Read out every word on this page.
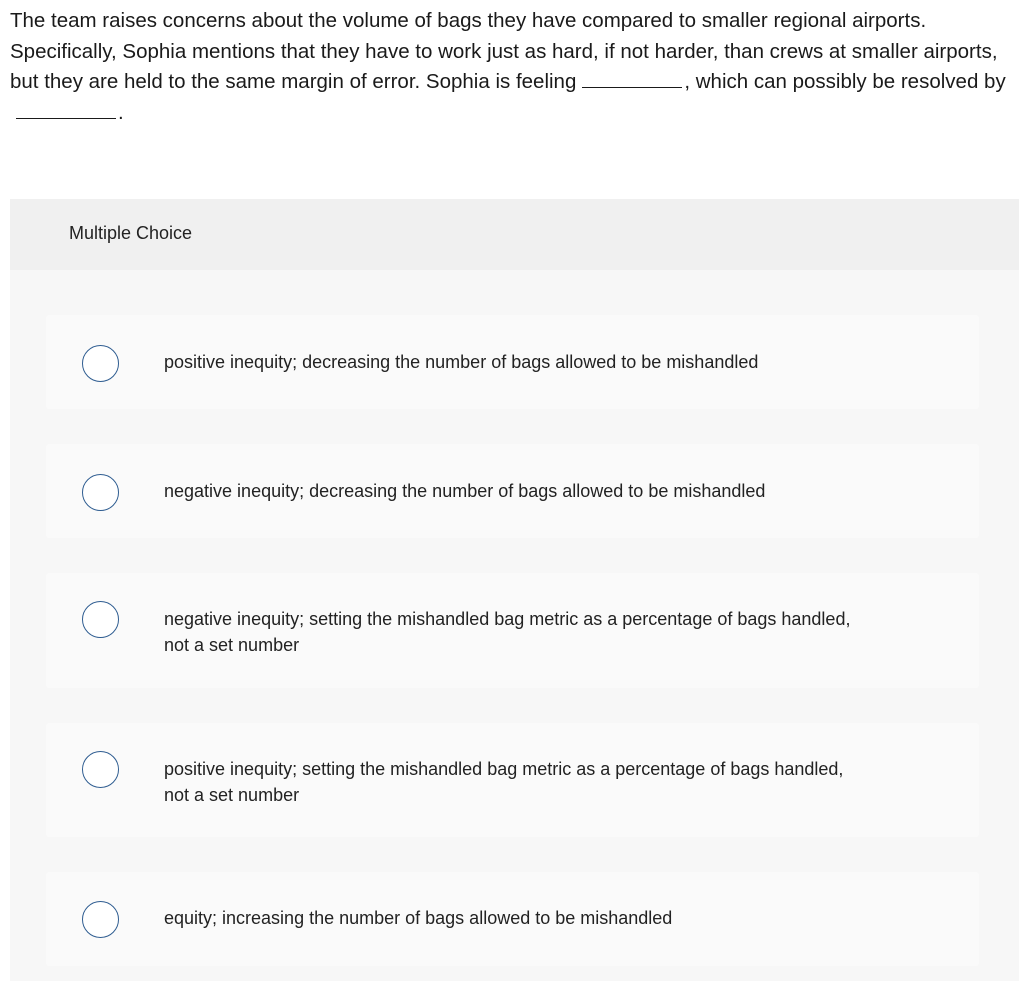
The team raises concerns about the volume of bags they have compared to smaller regional airports. Specifically, Sophia mentions that they have to work just as hard, if not harder, than crews at smaller airports, but they are held to the same margin of error. Sophia is feeling	, which can possibly be resolved by.

Multiple Choice
positive inequity; decreasing the number of bags allowed to be mishandled
negative inequity; decreasing the number of bags allowed to be mishandled
negative inequity; setting the mishandled bag metric as a percentage of bags handled, not a set number
positive inequity; setting the mishandled bag metric as a percentage of bags handled, not a set number
equity; increasing the number of bags allowed to be mishandled
